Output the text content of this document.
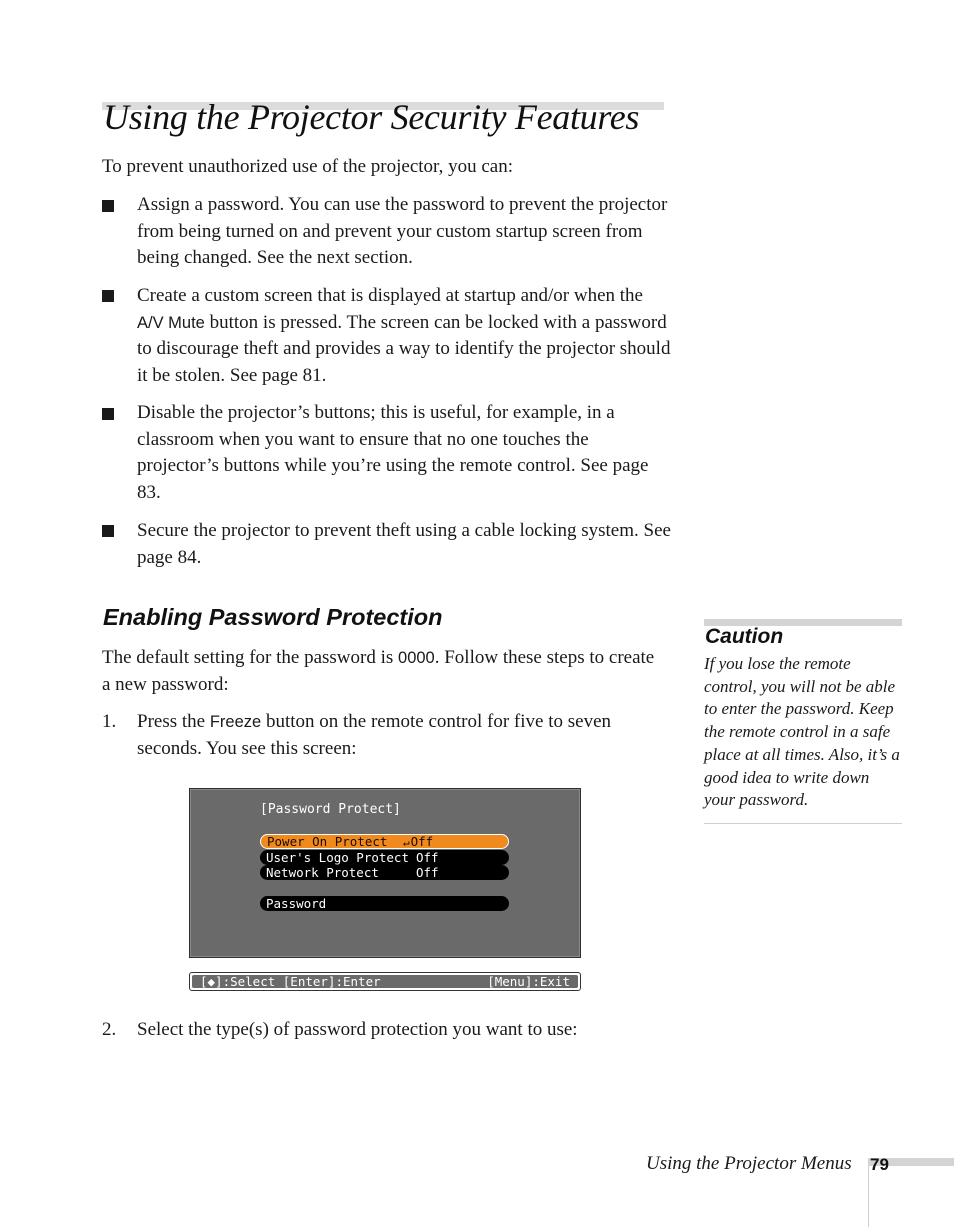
Using the Projector Security Features
To prevent unauthorized use of the projector, you can:
Assign a password. You can use the password to prevent the projector from being turned on and prevent your custom startup screen from being changed. See the next section.
Create a custom screen that is displayed at startup and/or when the A/V Mute button is pressed. The screen can be locked with a password to discourage theft and provides a way to identify the projector should it be stolen. See page 81.
Disable the projector’s buttons; this is useful, for example, in a classroom when you want to ensure that no one touches the projector’s buttons while you’re using the remote control. See page 83.
Secure the projector to prevent theft using a cable locking system. See page 84.
Enabling Password Protection
The default setting for the password is 0000. Follow these steps to create a new password:
1. Press the Freeze button on the remote control for five to seven seconds. You see this screen:
[Password Protect]
Power On Protect ↵Off
User's Logo Protect Off
Network Protect	Off
Password
[◆]:Select [Enter]:Enter	[Menu]:Exit
2. Select the type(s) of password protection you want to use:
Caution
If you lose the remote control, you will not be able to enter the password. Keep the remote control in a safe place at all times. Also, it’s a good idea to write down your password.
Using the Projector Menus 79
